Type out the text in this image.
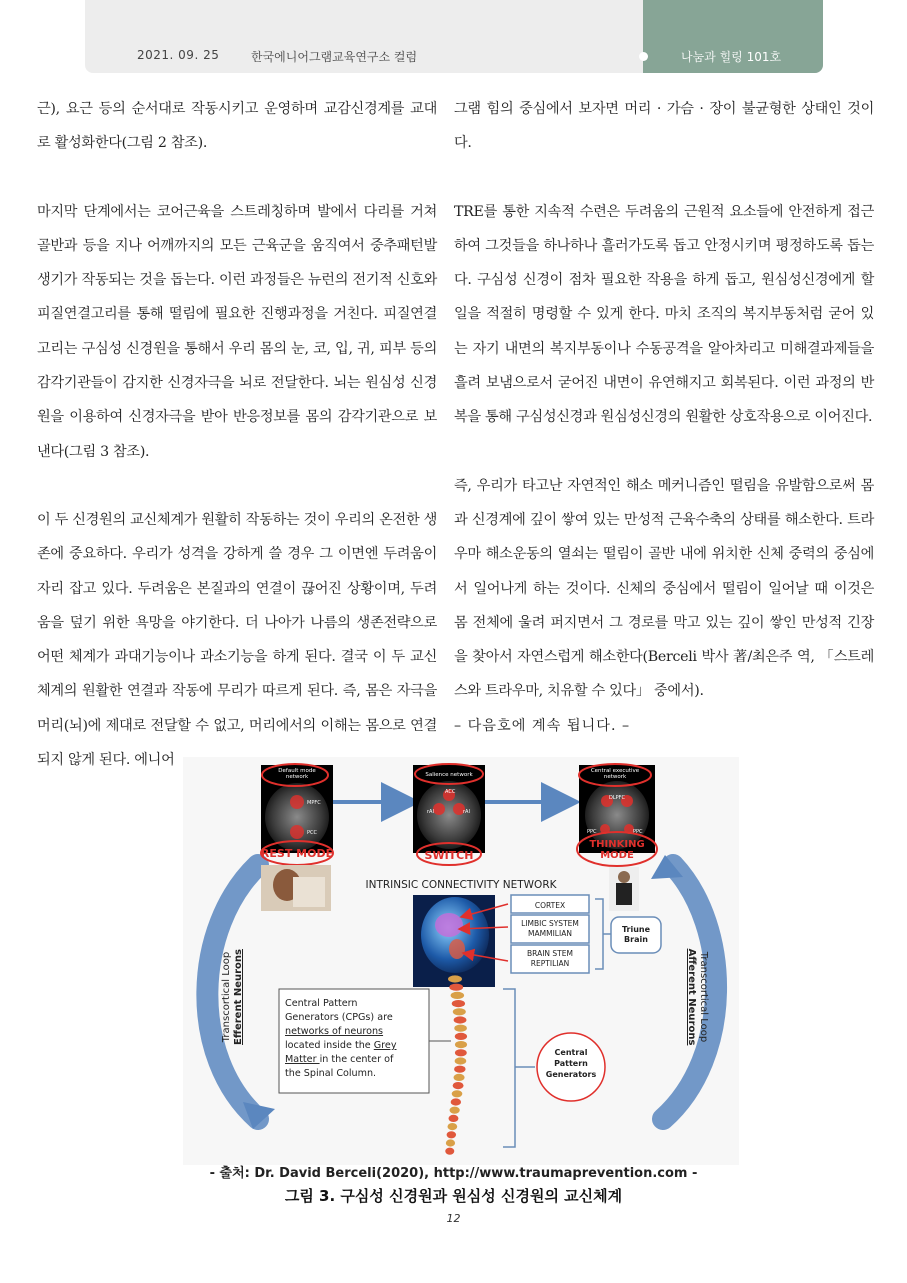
2021. 09. 25	한국에니어그램교육연구소 컬럼	나눔과 힐링 101호

근), 요근 등의 순서대로 작동시키고 운영하며 교감신경계를 교대로 활성화한다(그림 2 참조).

마지막 단계에서는 코어근육을 스트레칭하며 발에서 다리를 거쳐 골반과 등을 지나 어깨까지의 모든 근육군을 움직여서 중추패턴발생기가 작동되는 것을 돕는다. 이런 과정들은 뉴런의 전기적 신호와 피질연결고리를 통해 떨림에 필요한 진행과정을 거친다. 피질연결고리는 구심성 신경원을 통해서 우리 몸의 눈, 코, 입, 귀, 피부 등의 감각기관들이 감지한 신경자극을 뇌로 전달한다. 뇌는 원심성 신경원을 이용하여 신경자극을 받아 반응정보를 몸의 감각기관으로 보낸다(그림 3 참조).

이 두 신경원의 교신체계가 원활히 작동하는 것이 우리의 온전한 생존에 중요하다. 우리가 성격을 강하게 쓸 경우 그 이면엔 두려움이 자리 잡고 있다. 두려움은 본질과의 연결이 끊어진 상황이며, 두려움을 덮기 위한 욕망을 야기한다. 더 나아가 나름의 생존전략으로 어떤 체계가 과대기능이나 과소기능을 하게 된다. 결국 이 두 교신체계의 원활한 연결과 작동에 무리가 따르게 된다. 즉, 몸은 자극을 머리(뇌)에 제대로 전달할 수 없고, 머리에서의 이해는 몸으로 연결되지 않게 된다. 에니어

그램 힘의 중심에서 보자면 머리 · 가슴 · 장이 불균형한 상태인 것이다.

TRE를 통한 지속적 수련은 두려움의 근원적 요소들에 안전하게 접근하여 그것들을 하나하나 흘러가도록 돕고 안정시키며 평정하도록 돕는다. 구심성 신경이 점차 필요한 작용을 하게 돕고, 원심성신경에게 할 일을 적절히 명령할 수 있게 한다. 마치 조직의 복지부동처럼 굳어 있는 자기 내면의 복지부동이나 수동공격을 알아차리고 미해결과제들을 흘려 보냄으로서 굳어진 내면이 유연해지고 회복된다. 이런 과정의 반복을 통해 구심성신경과 원심성신경의 원활한 상호작용으로 이어진다.

즉, 우리가 타고난 자연적인 해소 메커니즘인 떨림을 유발함으로써 몸과 신경계에 깊이 쌓여 있는 만성적 근육수축의 상태를 해소한다. 트라우마 해소운동의 열쇠는 떨림이 골반 내에 위치한 신체 중력의 중심에서 일어나게 하는 것이다. 신체의 중심에서 떨림이 일어날 때 이것은 몸 전체에 울려 퍼지면서 그 경로를 막고 있는 깊이 쌓인 만성적 긴장을 찾아서 자연스럽게 해소한다(Berceli 박사 著/최은주 역, 「스트레스와 트라우마, 치유할 수 있다」 중에서).

– 다음호에 계속 됩니다. –

Default mode network
MPFC
PCC
REST MODE
Salience network
ACC
rAI	rAI
SWITCH
Central executive network
DLPFC
PPC	PPC
THINKING MODE
INTRINSIC CONNECTIVITY NETWORK
CORTEX
LIMBIC SYSTEM MAMMILIAN
BRAIN STEM REPTILIAN
Triune Brain
Transcortical Loop Efferent Neurons	Transcortical Loop
Afferent Neurons
Central Pattern Generators (CPGs) are networks of neurons located inside the Grey Matter in the center of the Spinal Column.
Central Pattern Generators
- 출처: Dr. David Berceli(2020), http://www.traumaprevention.com -
그림 3. 구심성 신경원과 원심성 신경원의 교신체계
12
